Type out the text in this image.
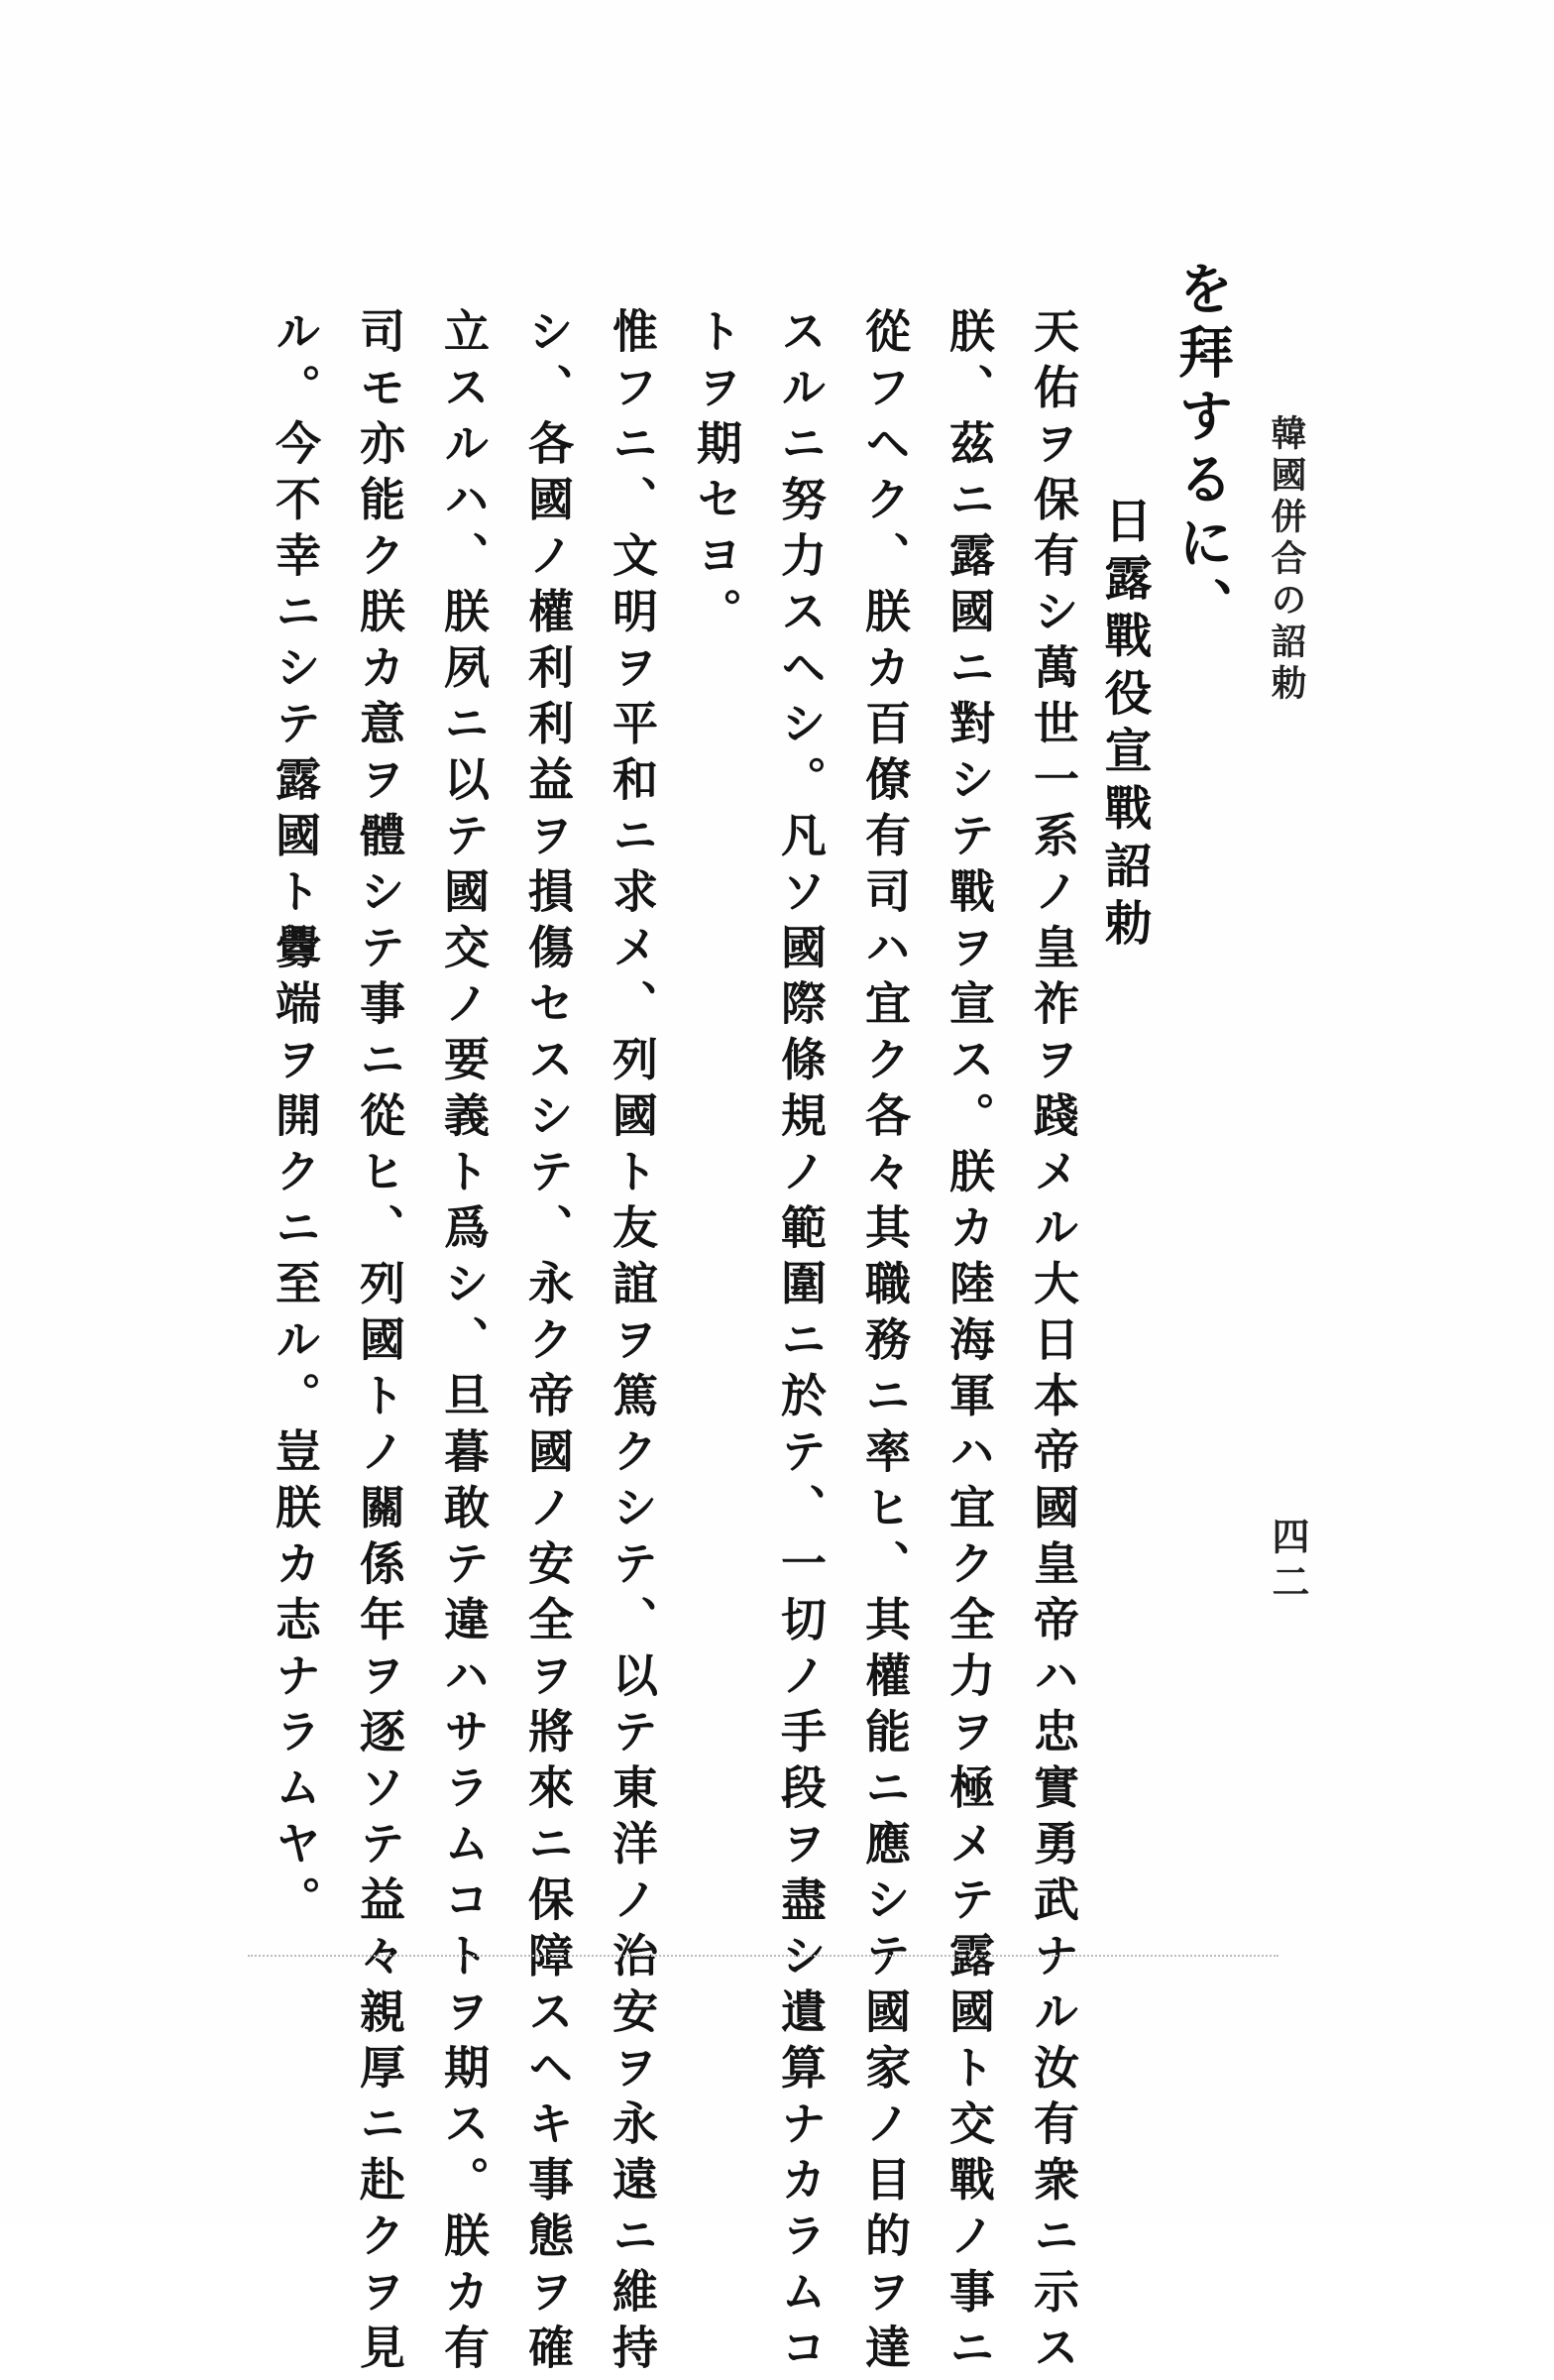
韓國併合の詔勅
四二
を拜するに、
日露戰役宣戰詔勅
天佑ヲ保有シ萬世一系ノ皇祚ヲ踐メル大日本帝國皇帝ハ忠實勇武ナル汝有衆ニ示ス
朕、茲ニ露國ニ對シテ戰ヲ宣ス。朕カ陸海軍ハ宜ク全力ヲ極メテ露國ト交戰ノ事ニ
從フヘク、朕カ百僚有司ハ宜ク各々其職務ニ率ヒ、其權能ニ應シテ國家ノ目的ヲ達
スルニ努力スヘシ。凡ソ國際條規ノ範圍ニ於テ、一切ノ手段ヲ盡シ遺算ナカラムコ
トヲ期セヨ。
惟フニ、文明ヲ平和ニ求メ、列國ト友誼ヲ篤クシテ、以テ東洋ノ治安ヲ永遠ニ維持
シ、各國ノ權利利益ヲ損傷セスシテ、永ク帝國ノ安全ヲ將來ニ保障スヘキ事態ヲ確
立スルハ、朕夙ニ以テ國交ノ要義ト爲シ、旦暮敢テ違ハサラムコトヲ期ス。朕カ有
司モ亦能ク朕カ意ヲ體シテ事ニ從ヒ、列國トノ關係年ヲ逐ソテ益々親厚ニ赴クヲ見
ル。今不幸ニシテ露國ト釁端ヲ開クニ至ル。豈朕カ志ナラムヤ。
